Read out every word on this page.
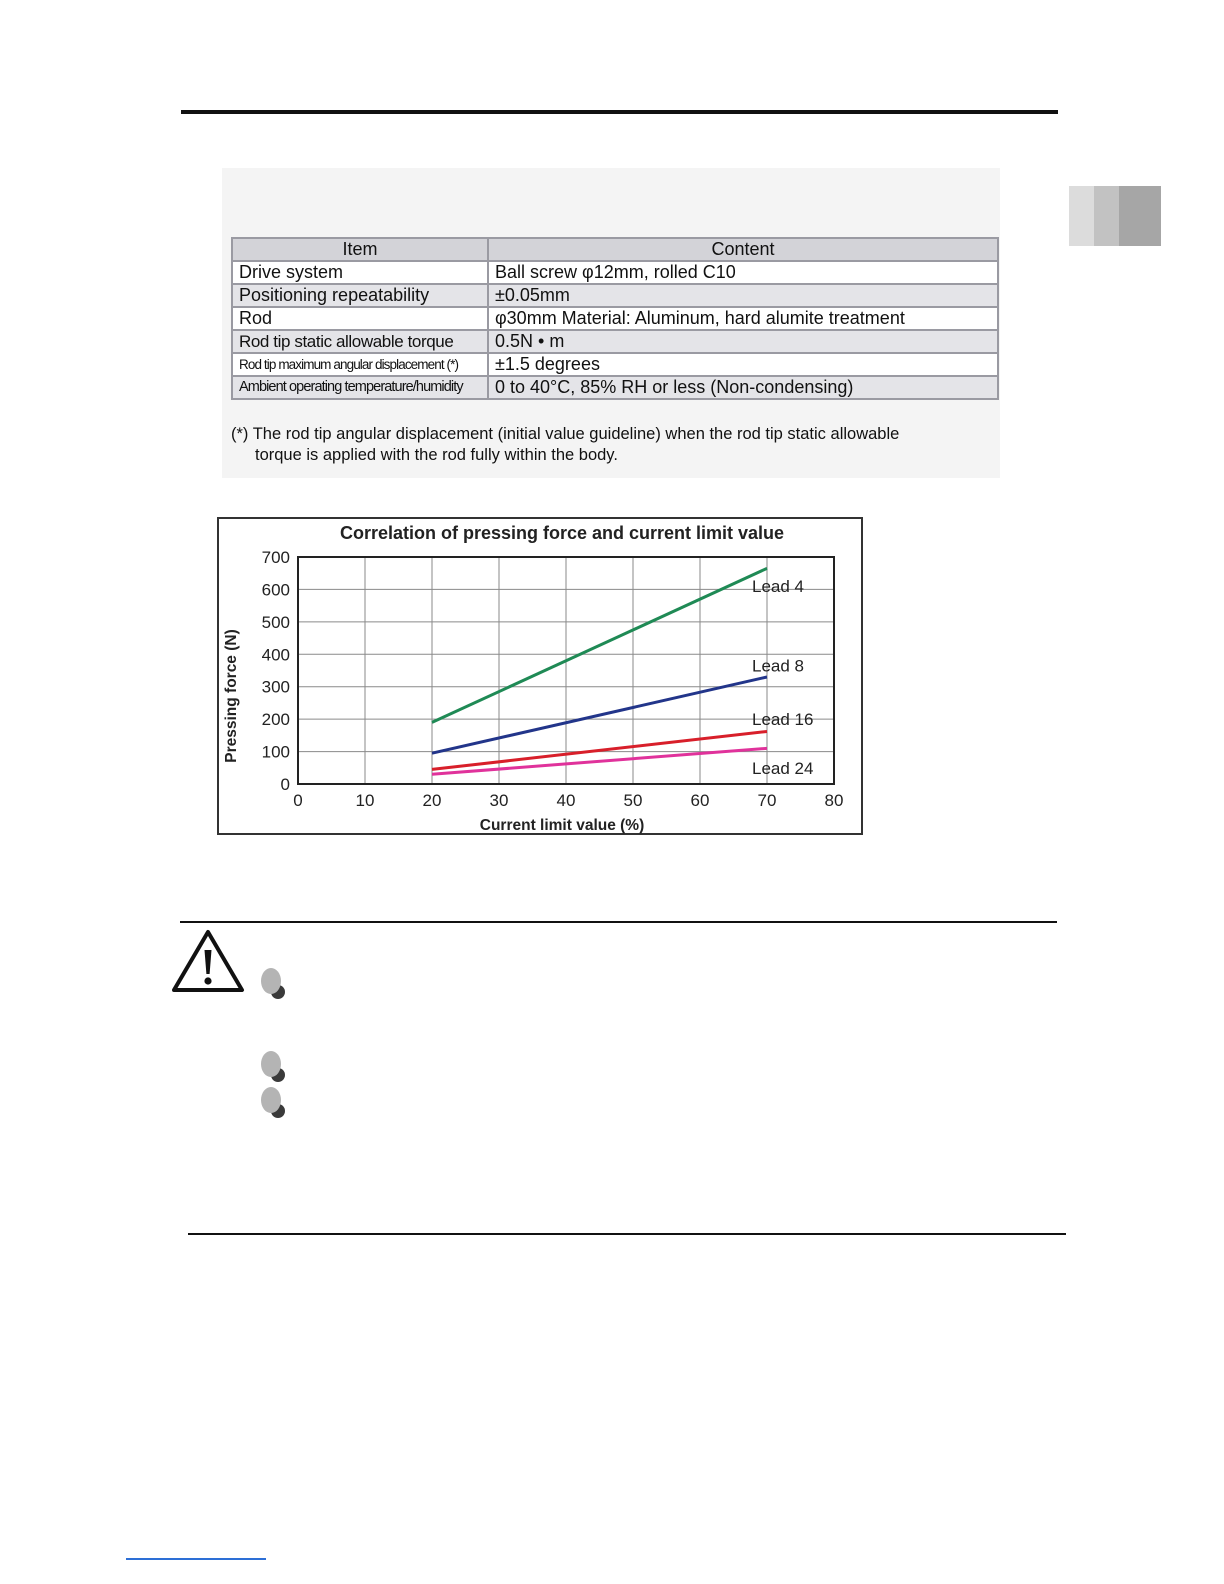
Item	Content
Drive system	Ball screw φ12mm, rolled C10
Positioning repeatability	±0.05mm
Rod	φ30mm Material: Aluminum, hard alumite treatment
Rod tip static allowable torque	0.5N • m
Rod tip maximum angular displacement (*)	±1.5 degrees
Ambient operating temperature/humidity	0 to 40°C, 85% RH or less (Non-condensing)
(*) The rod tip angular displacement (initial value guideline) when the rod tip static allowable
torque is applied with the rod fully within the body.
Correlation of pressing force and current limit value
Current limit value (%)
Pressing force (N)
0	10	20	30	40	50	60	70	80
0
100
200
300
400
500
600
700
Lead 4
Lead 8
Lead 16
Lead 24
